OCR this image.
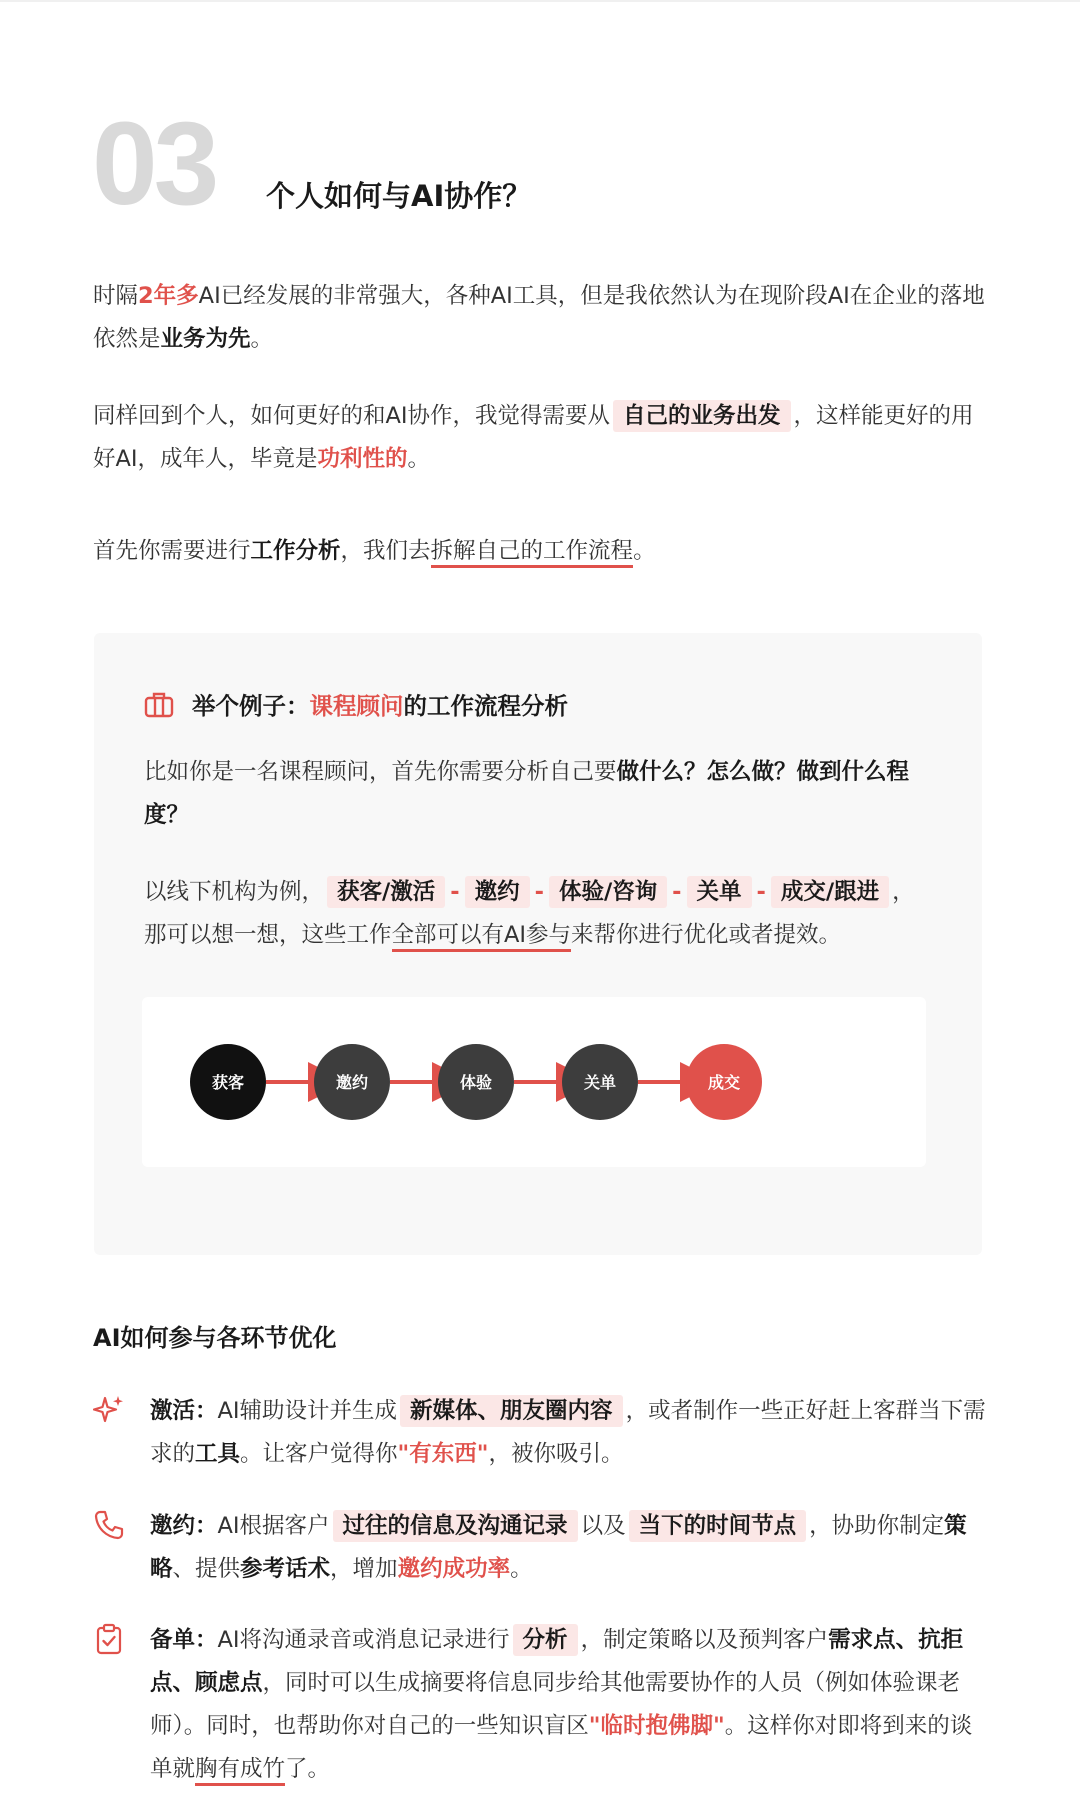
03 个人如何与AI协作？
时隔2年多AI已经发展的非常强大，各种AI工具，但是我依然认为在现阶段AI在企业的落地依然是业务为先。
同样回到个人，如何更好的和AI协作，我觉得需要从 自己的业务出发 ，这样能更好的用好AI，成年人，毕竟是功利性的。
首先你需要进行工作分析，我们去拆解自己的工作流程。
举个例子： 课程顾问 的工作流程分析
比如你是一名课程顾问，首先你需要分析自己要做什么？怎么做？做到什么程度？
以线下机构为例， 获客/激活 - 邀约 - 体验/咨询 - 关单 - 成交/跟进 ，那可以想一想，这些工作全部可以有AI参与来帮你进行优化或者提效。
获客	邀约	体验	关单	成交
AI如何参与各环节优化
激活：AI辅助设计并生成 新媒体、朋友圈内容 ，或者制作一些正好赶上客群当下需求的工具。让客户觉得你"有东西"，被你吸引。
邀约：AI根据客户 过往的信息及沟通记录 以及 当下的时间节点 ，协助你制定策略、提供参考话术，增加邀约成功率。
备单：AI将沟通录音或消息记录进行 分析 ，制定策略以及预判客户需求点、抗拒点、顾虑点，同时可以生成摘要将信息同步给其他需要协作的人员（例如体验课老师）。同时，也帮助你对自己的一些知识盲区"临时抱佛脚"。这样你对即将到来的谈单就胸有成竹了。
